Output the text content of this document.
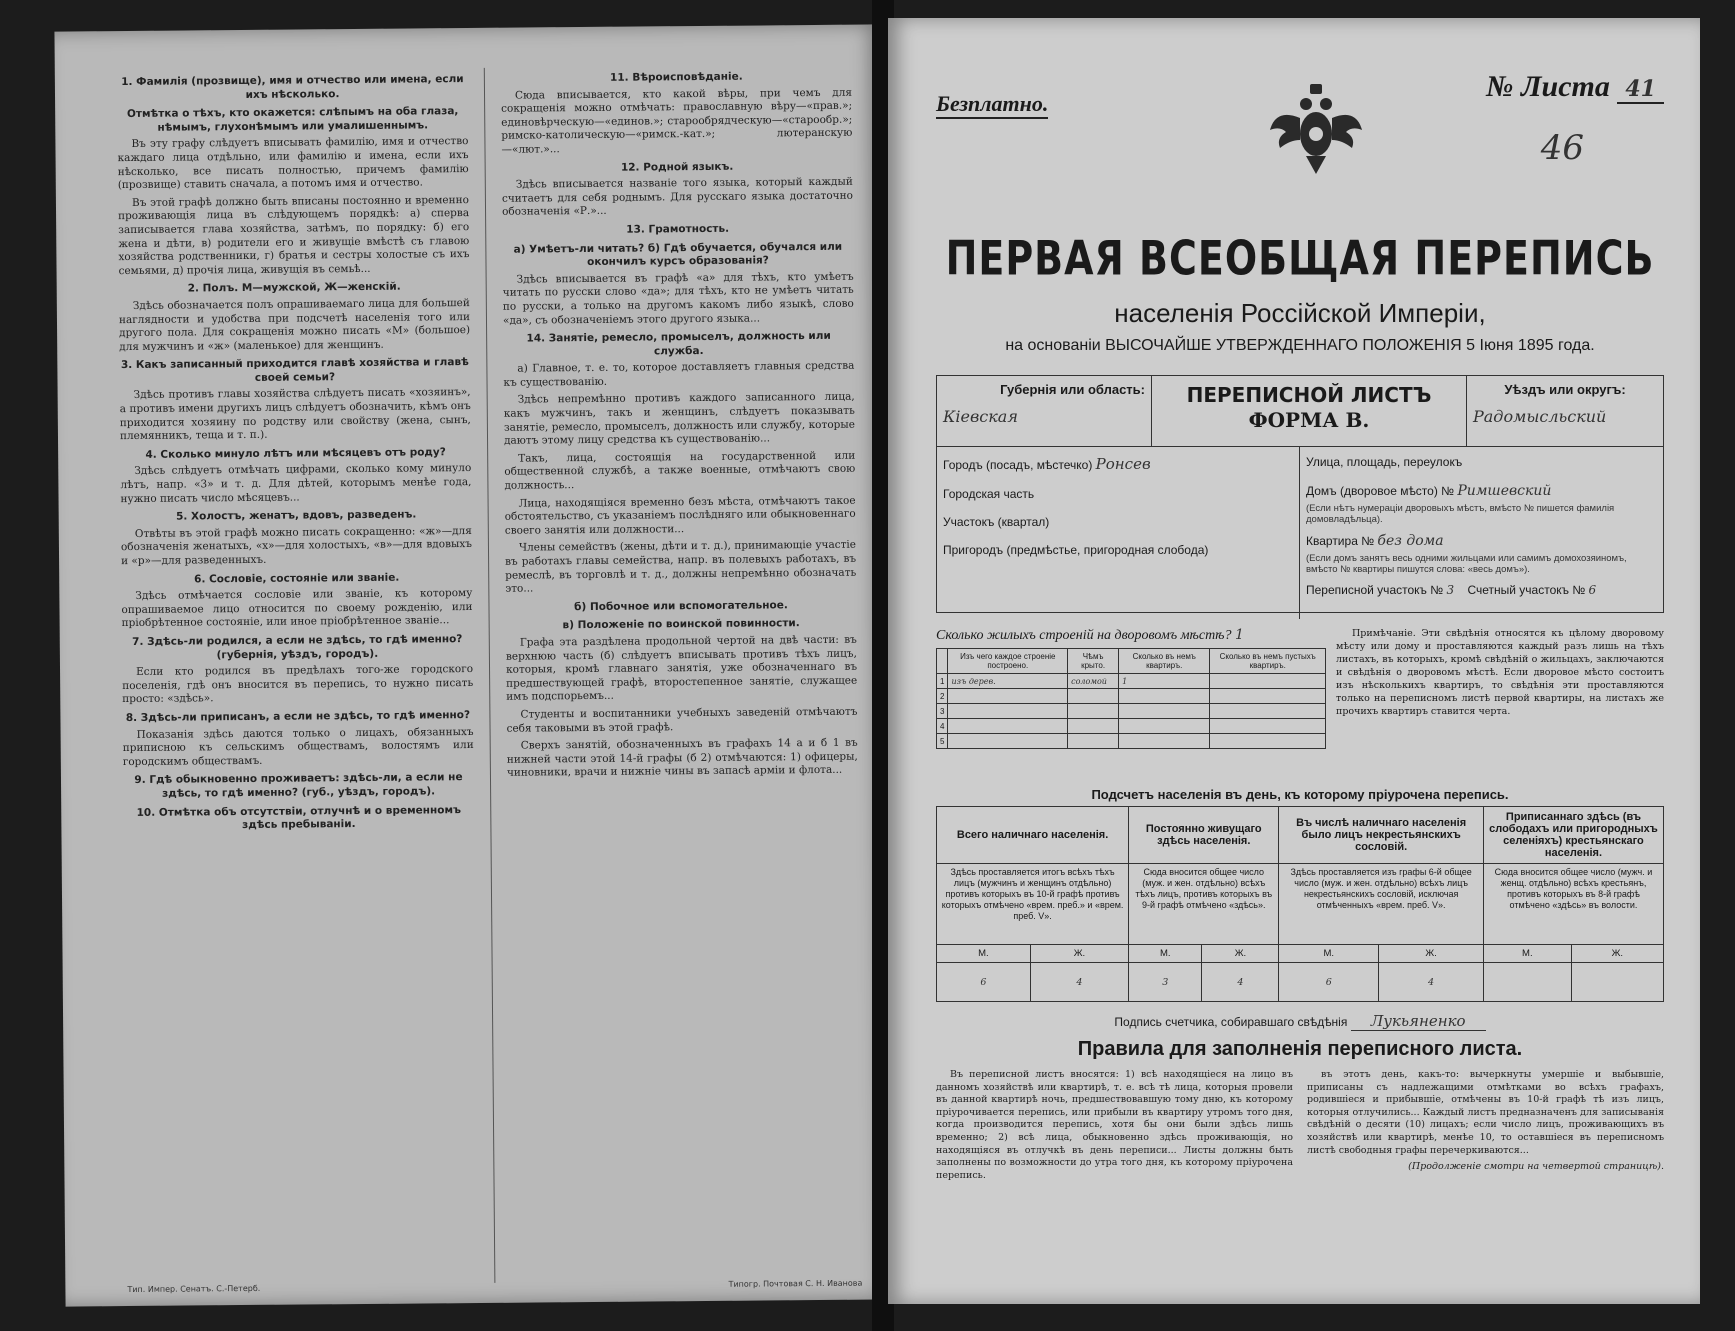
1. Фамилія (прозвище), имя и отчество или имена, если ихъ нѣсколько.
Отмѣтка о тѣхъ, кто окажется: слѣпымъ на оба глаза, нѣмымъ, глухонѣмымъ или умалишеннымъ.

Въ эту графу слѣдуетъ вписывать фамилію, имя и отчество каждаго лица отдѣльно, или фамилію и имена, если ихъ нѣсколько, все писать полностью, причемъ фамилію (прозвище) ставить сначала, а потомъ имя и отчество.

Въ этой графѣ должно быть вписаны постоянно и временно проживающія лица въ слѣдующемъ порядкѣ: а) сперва записывается глава хозяйства, затѣмъ, по порядку: б) его жена и дѣти, в) родители его и живущіе вмѣстѣ съ главою хозяйства родственники, г) братья и сестры холостые съ ихъ семьями, д) прочія лица, живущія въ семьѣ...

2. Полъ. М—мужской, Ж—женскій.

Здѣсь обозначается полъ опрашиваемаго лица для большей наглядности и удобства при подсчетѣ населенія того или другого пола. Для сокращенія можно писать «М» (большое) для мужчинъ и «ж» (маленькое) для женщинъ.

3. Какъ записанный приходится главѣ хозяйства и главѣ своей семьи?

Здѣсь противъ главы хозяйства слѣдуетъ писать «хозяинъ», а противъ имени другихъ лицъ слѣдуетъ обозначить, кѣмъ онъ приходится хозяину по родству или свойству (жена, сынъ, племянникъ, теща и т. п.).

4. Сколько минуло лѣтъ или мѣсяцевъ отъ роду?

Здѣсь слѣдуетъ отмѣчать цифрами, сколько кому минуло лѣтъ, напр. «3» и т. д. Для дѣтей, которымъ менѣе года, нужно писать число мѣсяцевъ...

5. Холостъ, женатъ, вдовъ, разведенъ.

Отвѣты въ этой графѣ можно писать сокращенно: «ж»—для обозначенія женатыхъ, «х»—для холостыхъ, «в»—для вдовыхъ и «р»—для разведенныхъ.

6. Сословіе, состояніе или званіе.

Здѣсь отмѣчается сословіе или званіе, къ которому опрашиваемое лицо относится по своему рожденію, или пріобрѣтенное состояніе, или иное пріобрѣтенное званіе...

7. Здѣсь-ли родился, а если не здѣсь, то гдѣ именно? (губернія, уѣздъ, городъ).

Если кто родился въ предѣлахъ того-же городского поселенія, гдѣ онъ вносится въ перепись, то нужно писать просто: «здѣсь».

8. Здѣсь-ли приписанъ, а если не здѣсь, то гдѣ именно?

Показанія здѣсь даются только о лицахъ, обязанныхъ приписною къ сельскимъ обществамъ, волостямъ или городскимъ обществамъ.

9. Гдѣ обыкновенно проживаетъ: здѣсь-ли, а если не здѣсь, то гдѣ именно? (губ., уѣздъ, городъ).
10. Отмѣтка объ отсутствіи, отлучнѣ и о временномъ здѣсь пребываніи.
11. Вѣроисповѣданіе.

Сюда вписывается, кто какой вѣры, при чемъ для сокращенія можно отмѣчать: православную вѣру—«прав.»; единовѣрческую—«единов.»; старообрядческую—«старообр.»; римско-католическую—«римск.-кат.»; лютеранскую—«лют.»...

12. Родной языкъ.

Здѣсь вписывается названіе того языка, который каждый считаетъ для себя роднымъ. Для русскаго языка достаточно обозначенія «Р.»...

13. Грамотность.
а) Умѣетъ-ли читать? б) Гдѣ обучается, обучался или окончилъ курсъ образованія?

Здѣсь вписывается въ графѣ «а» для тѣхъ, кто умѣетъ читать по русски слово «да»; для тѣхъ, кто не умѣетъ читать по русски, а только на другомъ какомъ либо языкѣ, слово «да», съ обозначеніемъ этого другого языка...

14. Занятіе, ремесло, промыселъ, должность или служба.

а) Главное, т. е. то, которое доставляетъ главныя средства къ существованію.

Здѣсь непремѣнно противъ каждого записанного лица, какъ мужчинъ, такъ и женщинъ, слѣдуетъ показывать занятіе, ремесло, промыселъ, должность или службу, которые даютъ этому лицу средства къ существованію...

Такъ, лица, состоящія на государственной или общественной службѣ, а также военные, отмѣчаютъ свою должность...

Лица, находящіяся временно безъ мѣста, отмѣчаютъ такое обстоятельство, съ указаніемъ послѣдняго или обыкновеннаго своего занятія или должности...

Члены семействъ (жены, дѣти и т. д.), принимающіе участіе въ работахъ главы семейства, напр. въ полевыхъ работахъ, въ ремеслѣ, въ торговлѣ и т. д., должны непремѣнно обозначать это...

б) Побочное или вспомогательное.
в) Положеніе по воинской повинности.

Графа эта раздѣлена продольной чертой на двѣ части: въ верхнюю часть (б) слѣдуетъ вписывать противъ тѣхъ лицъ, которыя, кромѣ главнаго занятія, уже обозначеннаго въ предшествующей графѣ, второстепенное занятіе, служащее имъ подспорьемъ...

Студенты и воспитанники учебныхъ заведеній отмѣчаютъ себя таковыми въ этой графѣ.

Сверхъ занятій, обозначенныхъ въ графахъ 14 а и б 1 въ нижней части этой 14-й графы (б 2) отмѣчаются: 1) офицеры, чиновники, врачи и нижніе чины въ запасѣ арміи и флота...

Тип. Импер. Сенатъ. С.-Петерб.
Типогр. Почтовая С. Н. Иванова
Безплатно.
№ Листа 41
46
ПЕРВАЯ ВСЕОБЩАЯ ПЕРЕПИСЬ
населенія Россійской Имперіи,
на основаніи ВЫСОЧАЙШЕ УТВЕРЖДЕННАГО ПОЛОЖЕНІЯ 5 Іюня 1895 года.
Губернія или область:
Кіевская
ПЕРЕПИСНОЙ ЛИСТЪ
ФОРМА В.
Уѣздъ или округъ:
Радомысльский
Городъ (посадъ, мѣстечко) Ронсев
Городская часть
Участокъ (квартал)
Пригородъ (предмѣстье, пригородная слобода)
Улица, площадь, переулокъ
Домъ (дворовое мѣсто) № Римшевский
(Если нѣтъ нумераціи дворовыхъ мѣстъ, вмѣсто № пишется фамилія домовладѣльца).
Квартира № без дома
(Если домъ занятъ весь одними жильцами или самимъ домохозяиномъ, вмѣсто № квартиры пишутся слова: «весь домъ»).
Переписной участокъ № 3 Счетный участокъ № 6
Сколько жилыхъ строеній на дворовомъ мѣстѣ? 1
	Изъ чего каждое строеніе построено.	Чѣмъ крыто.	Сколько въ немъ квартиръ.	Сколько въ немъ пустыхъ квартиръ.
1	изъ дерев.	соломой	1	
2				
3				
4				
5				
Примѣчаніе. Эти свѣдѣнія относятся къ цѣлому дворовому мѣсту или дому и проставляются каждый разъ лишь на тѣхъ листахъ, въ которыхъ, кромѣ свѣдѣній о жильцахъ, заключаются и свѣдѣнія о дворовомъ мѣстѣ. Если дворовое мѣсто состоитъ изъ нѣсколькихъ квартиръ, то свѣдѣнія эти проставляются только на переписномъ листѣ первой квартиры, на листахъ же прочихъ квартиръ ставится черта.
Подсчетъ населенія въ день, къ которому пріурочена перепись.
Всего наличнаго населенія.		Постоянно живущаго здѣсь населенія.		Въ числѣ наличнаго населенія было лицъ некрестьянскихъ сословій.		Приписаннаго здѣсь (въ слободахъ или пригородныхъ селеніяхъ) крестьянскаго населенія.	
Здѣсь проставляется итогъ всѣхъ тѣхъ лицъ (мужчинъ и женщинъ отдѣльно) противъ которыхъ въ 10-й графѣ противъ которыхъ отмѣчено «врем. преб.» и «врем. преб. V».		Сюда вносится общее число (муж. и жен. отдѣльно) всѣхъ тѣхъ лицъ, противъ которыхъ въ 9-й графѣ отмѣчено «здѣсь».		Здѣсь проставляется изъ графы 6-й общее число (муж. и жен. отдѣльно) всѣхъ лицъ некрестьянскихъ сословій, исключая отмѣченныхъ «врем. преб. V».		Сюда вносится общее число (мужч. и женщ. отдѣльно) всѣхъ крестьянъ, противъ которыхъ въ 8-й графѣ отмѣчено «здѣсь» въ волости.	
М.	Ж.	М.	Ж.	М.	Ж.	М.	Ж.
6	4	3	4	6	4		
Подпись счетчика, собиравшаго свѣдѣнія Лукьяненко
Правила для заполненія переписного листа.

Въ переписной листъ вносятся: 1) всѣ находящіеся на лицо въ данномъ хозяйствѣ или квартирѣ, т. е. всѣ тѣ лица, которыя провели въ данной квартирѣ ночь, предшествовавшую тому дню, къ которому пріурочивается перепись, или прибыли въ квартиру утромъ того дня, когда производится перепись, хотя бы они были здѣсь лишь временно; 2) всѣ лица, обыкновенно здѣсь проживающія, но находящіяся въ отлучкѣ въ день переписи... Листы должны быть заполнены по возможности до утра того дня, къ которому пріурочена перепись.

въ этотъ день, какъ-то: вычеркнуты умершіе и выбывшіе, приписаны съ надлежащими отмѣтками во всѣхъ графахъ, родившіеся и прибывшіе, отмѣчены въ 10-й графѣ тѣ изъ лицъ, которыя отлучились... Каждый листъ предназначенъ для записыванія свѣдѣній о десяти (10) лицахъ; если число лицъ, проживающихъ въ хозяйствѣ или квартирѣ, менѣе 10, то оставшіеся въ переписномъ листѣ свободныя графы перечеркиваются...

(Продолженіе смотри на четвертой страницѣ).
